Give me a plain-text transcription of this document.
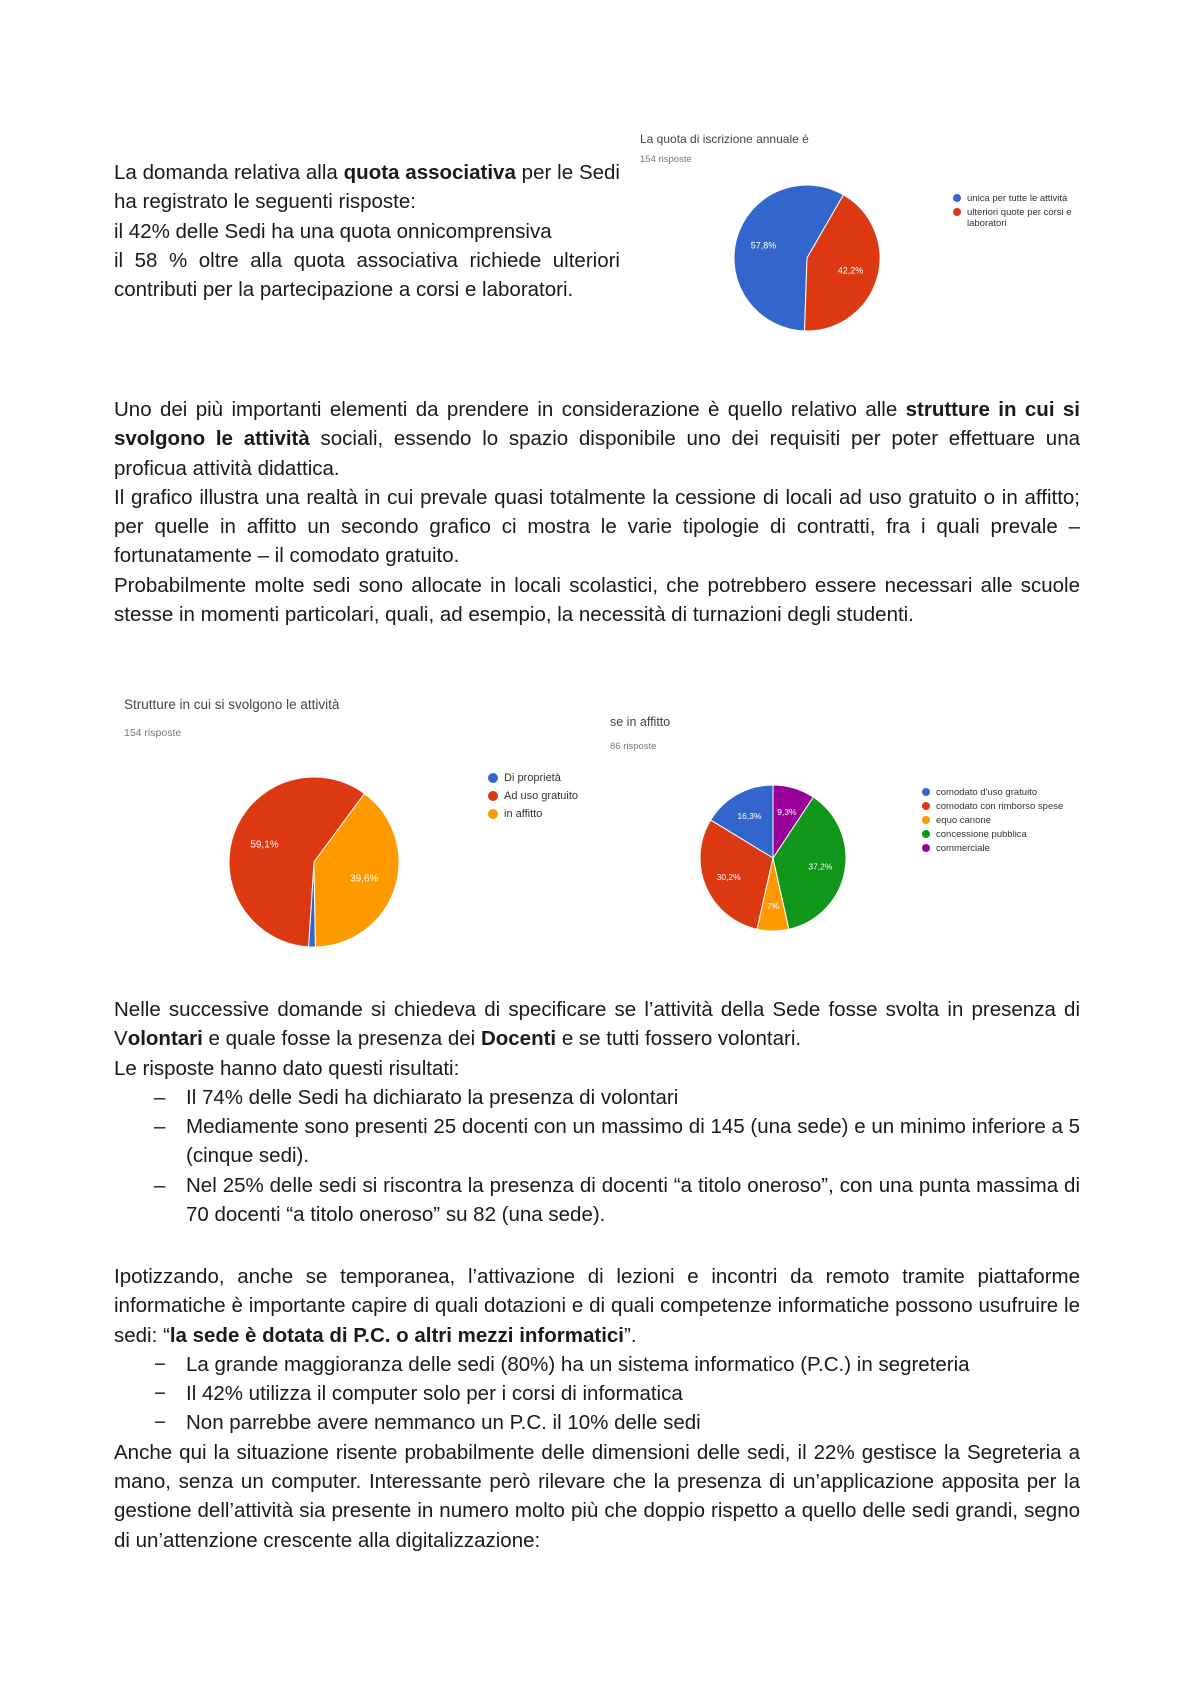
La domanda relativa alla quota associativa per le Sedi ha registrato le seguenti risposte:

il 42% delle Sedi ha una quota onnicomprensiva

il 58 % oltre alla quota associativa richiede ulteriori contributi per la partecipazione a corsi e laboratori.

La quota di iscrizione annuale è
154 risposte
57,8%
42,2%
unica per tutte le attività
ulteriori quote per corsi e laboratori

Uno dei più importanti elementi da prendere in considerazione è quello relativo alle strutture in cui si svolgono le attività sociali, essendo lo spazio disponibile uno dei requisiti per poter effettuare una proficua attività didattica.

Il grafico illustra una realtà in cui prevale quasi totalmente la cessione di locali ad uso gratuito o in affitto; per quelle in affitto un secondo grafico ci mostra le varie tipologie di contratti, fra i quali prevale – fortunatamente – il comodato gratuito.

Probabilmente molte sedi sono allocate in locali scolastici, che potrebbero essere necessari alle scuole stesse in momenti particolari, quali, ad esempio, la necessità di turnazioni degli studenti.

Strutture in cui si svolgono le attività
154 risposte
59,1%
39,6%
Di proprietà
Ad uso gratuito
in affitto
se in affitto
86 risposte
16,3%
30,2%
7%
37,2%
9,3%
comodato d'uso gratuito
comodato con rimborso spese
equo canone
concessione pubblica
commerciale

Nelle successive domande si chiedeva di specificare se l’attività della Sede fosse svolta in presenza di Volontari e quale fosse la presenza dei Docenti e se tutti fossero volontari.

Le risposte hanno dato questi risultati:

– Il 74% delle Sedi ha dichiarato la presenza di volontari
– Mediamente sono presenti 25 docenti con un massimo di 145 (una sede) e un minimo inferiore a 5 (cinque sedi).
– Nel 25% delle sedi si riscontra la presenza di docenti “a titolo oneroso”, con una punta massima di 70 docenti “a titolo oneroso” su 82 (una sede).

Ipotizzando, anche se temporanea, l’attivazione di lezioni e incontri da remoto tramite piattaforme informatiche è importante capire di quali dotazioni e di quali competenze informatiche possono usufruire le sedi: “la sede è dotata di P.C. o altri mezzi informatici”.

− La grande maggioranza delle sedi (80%) ha un sistema informatico (P.C.) in segreteria
− Il 42% utilizza il computer solo per i corsi di informatica
− Non parrebbe avere nemmanco un P.C. il 10% delle sedi

Anche qui la situazione risente probabilmente delle dimensioni delle sedi, il 22% gestisce la Segreteria a mano, senza un computer. Interessante però rilevare che la presenza di un’applicazione apposita per la gestione dell’attività sia presente in numero molto più che doppio rispetto a quello delle sedi grandi, segno di un’attenzione crescente alla digitalizzazione:
